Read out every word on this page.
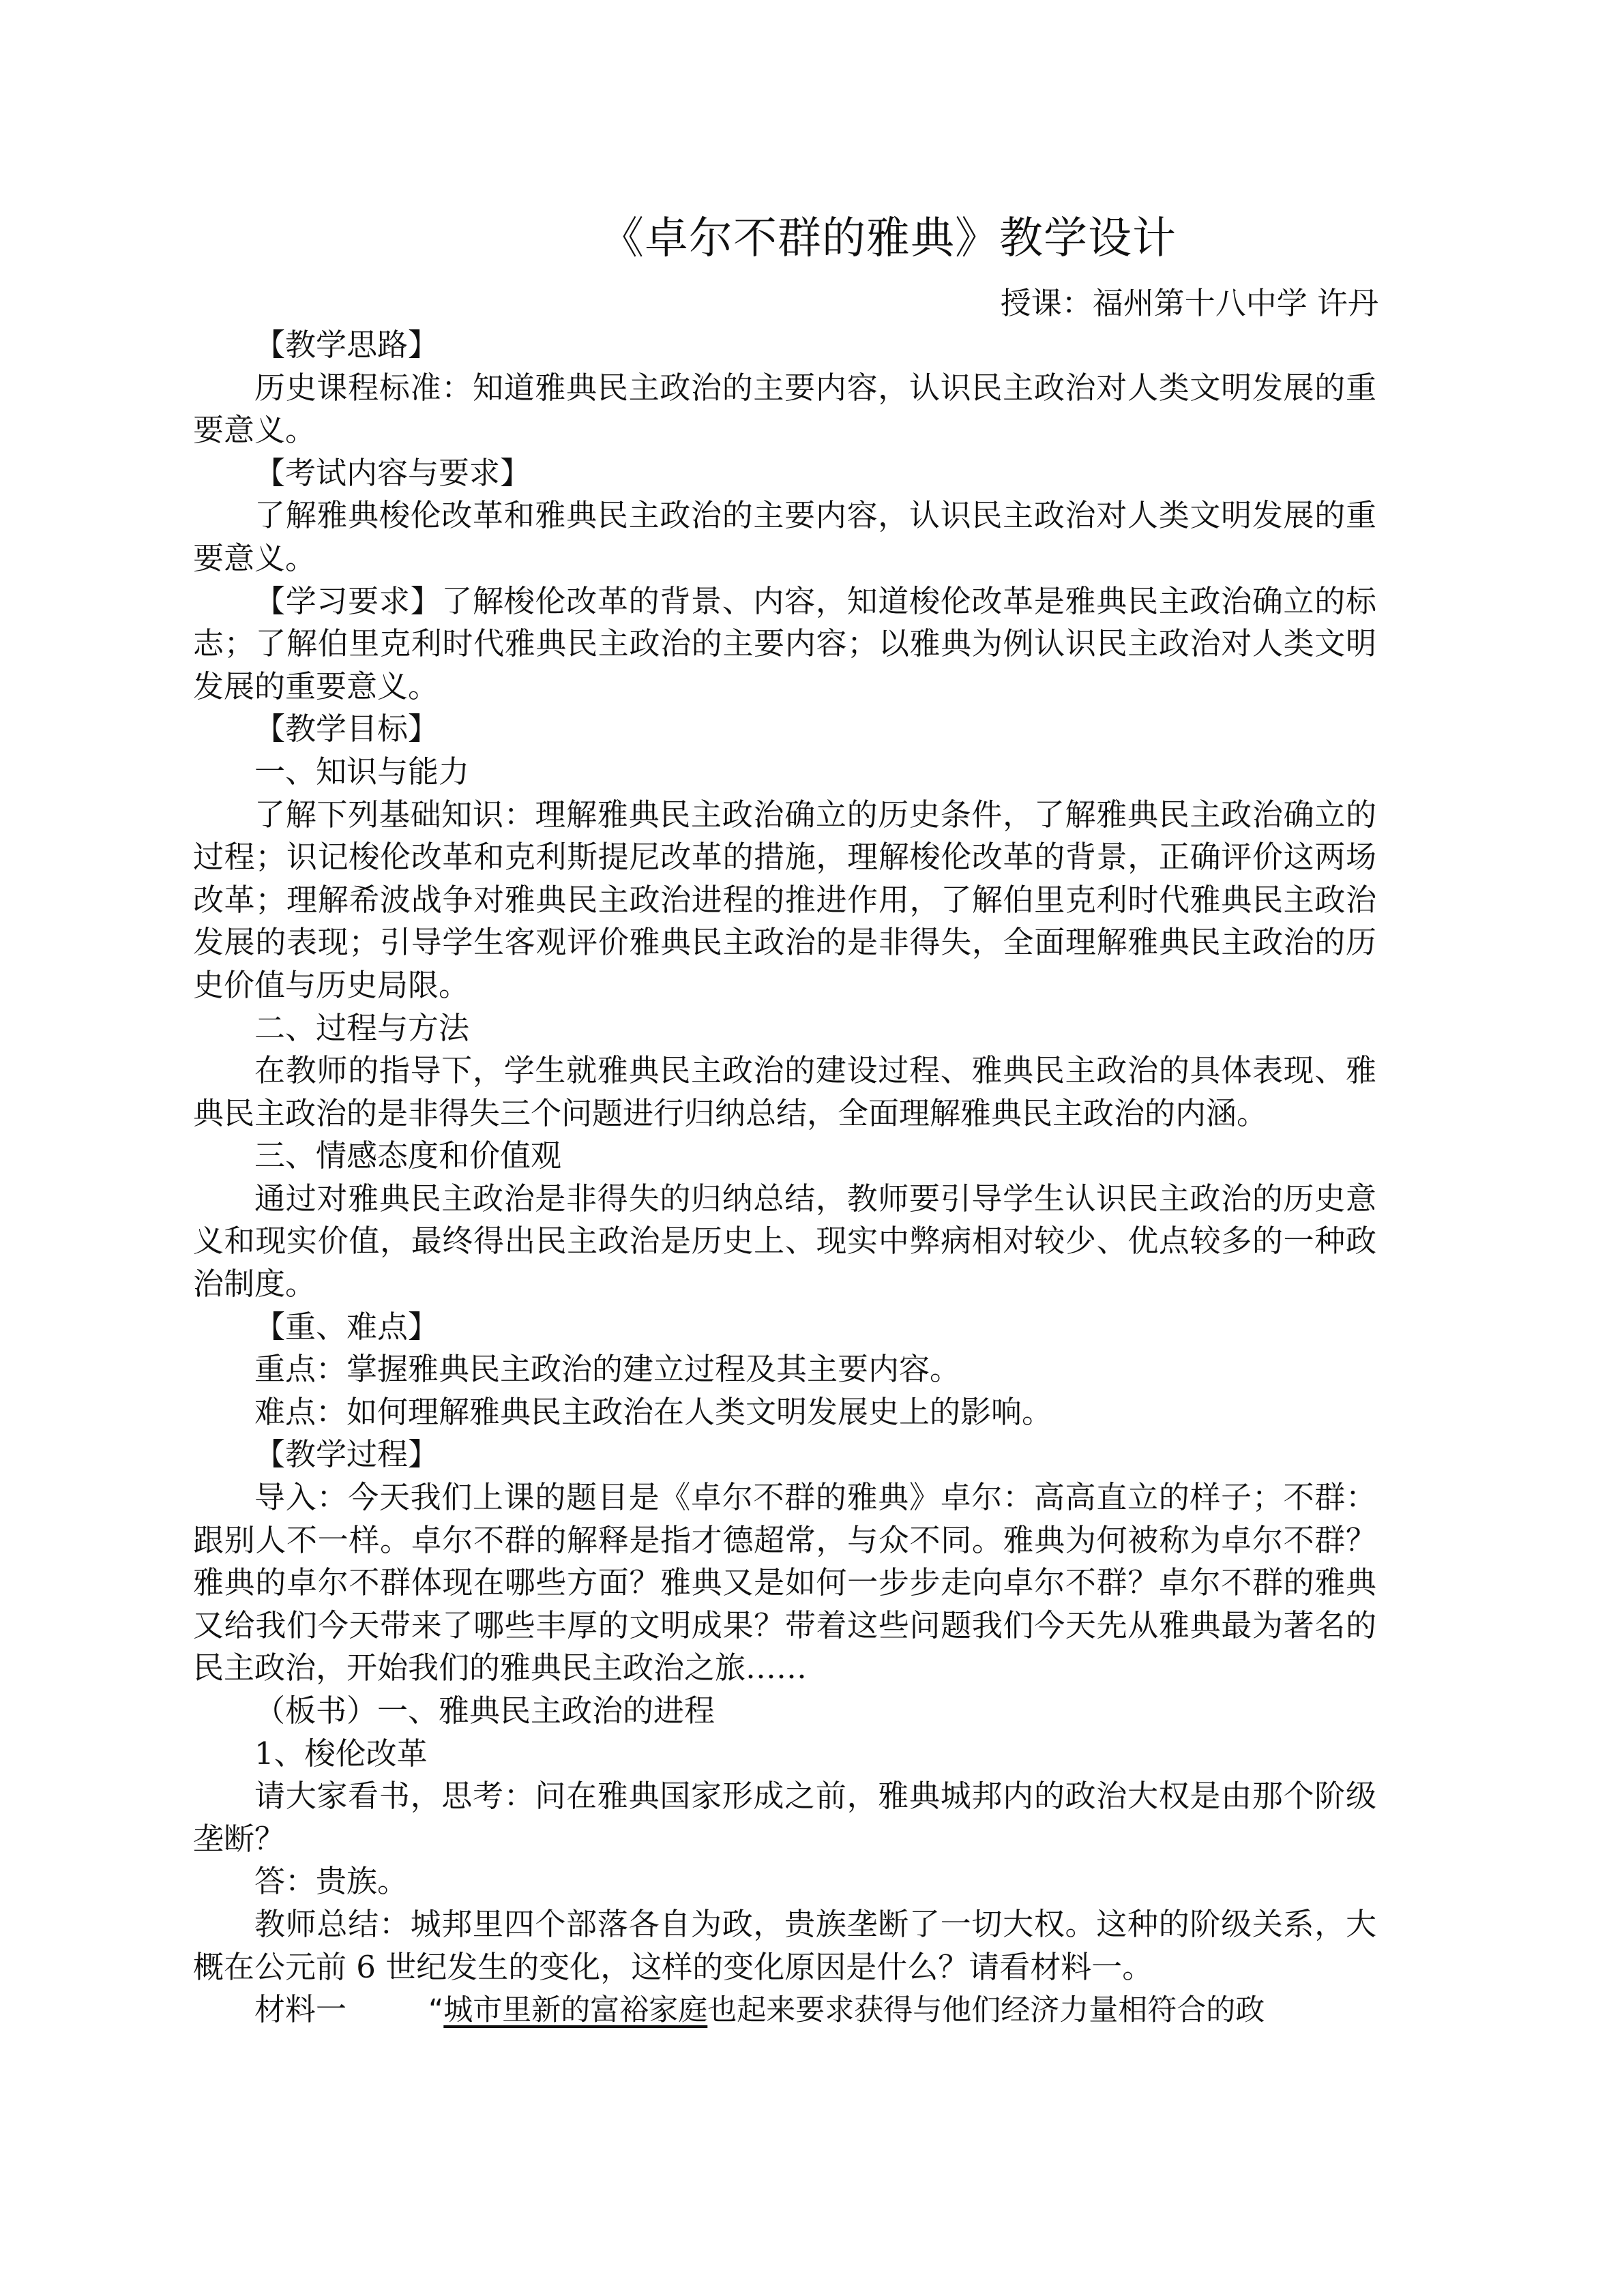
《卓尔不群的雅典》教学设计
授课：福州第十八中学 许丹

【教学思路】

历史课程标准：知道雅典民主政治的主要内容，认识民主政治对人类文明发展的重要意义。

【考试内容与要求】

了解雅典梭伦改革和雅典民主政治的主要内容，认识民主政治对人类文明发展的重要意义。

【学习要求】了解梭伦改革的背景、内容，知道梭伦改革是雅典民主政治确立的标志；了解伯里克利时代雅典民主政治的主要内容；以雅典为例认识民主政治对人类文明发展的重要意义。

【教学目标】

一、知识与能力

了解下列基础知识：理解雅典民主政治确立的历史条件，了解雅典民主政治确立的过程；识记梭伦改革和克利斯提尼改革的措施，理解梭伦改革的背景，正确评价这两场改革；理解希波战争对雅典民主政治进程的推进作用，了解伯里克利时代雅典民主政治发展的表现；引导学生客观评价雅典民主政治的是非得失，全面理解雅典民主政治的历史价值与历史局限。

二、过程与方法

在教师的指导下，学生就雅典民主政治的建设过程、雅典民主政治的具体表现、雅典民主政治的是非得失三个问题进行归纳总结，全面理解雅典民主政治的内涵。

三、情感态度和价值观

通过对雅典民主政治是非得失的归纳总结，教师要引导学生认识民主政治的历史意义和现实价值，最终得出民主政治是历史上、现实中弊病相对较少、优点较多的一种政治制度。

【重、难点】

重点：掌握雅典民主政治的建立过程及其主要内容。

难点：如何理解雅典民主政治在人类文明发展史上的影响。

【教学过程】

导入：今天我们上课的题目是《卓尔不群的雅典》卓尔：高高直立的样子；不群：跟别人不一样。卓尔不群的解释是指才德超常，与众不同。雅典为何被称为卓尔不群？雅典的卓尔不群体现在哪些方面？雅典又是如何一步步走向卓尔不群？卓尔不群的雅典又给我们今天带来了哪些丰厚的文明成果？带着这些问题我们今天先从雅典最为著名的民主政治，开始我们的雅典民主政治之旅……

（板书）一、雅典民主政治的进程

1、梭伦改革

请大家看书，思考：问在雅典国家形成之前，雅典城邦内的政治大权是由那个阶级垄断？

答：贵族。

教师总结：城邦里四个部落各自为政，贵族垄断了一切大权。这种的阶级关系，大概在公元前 6 世纪发生的变化，这样的变化原因是什么？请看材料一。

材料一	“城市里新的富裕家庭也起来要求获得与他们经济力量相符合的政
